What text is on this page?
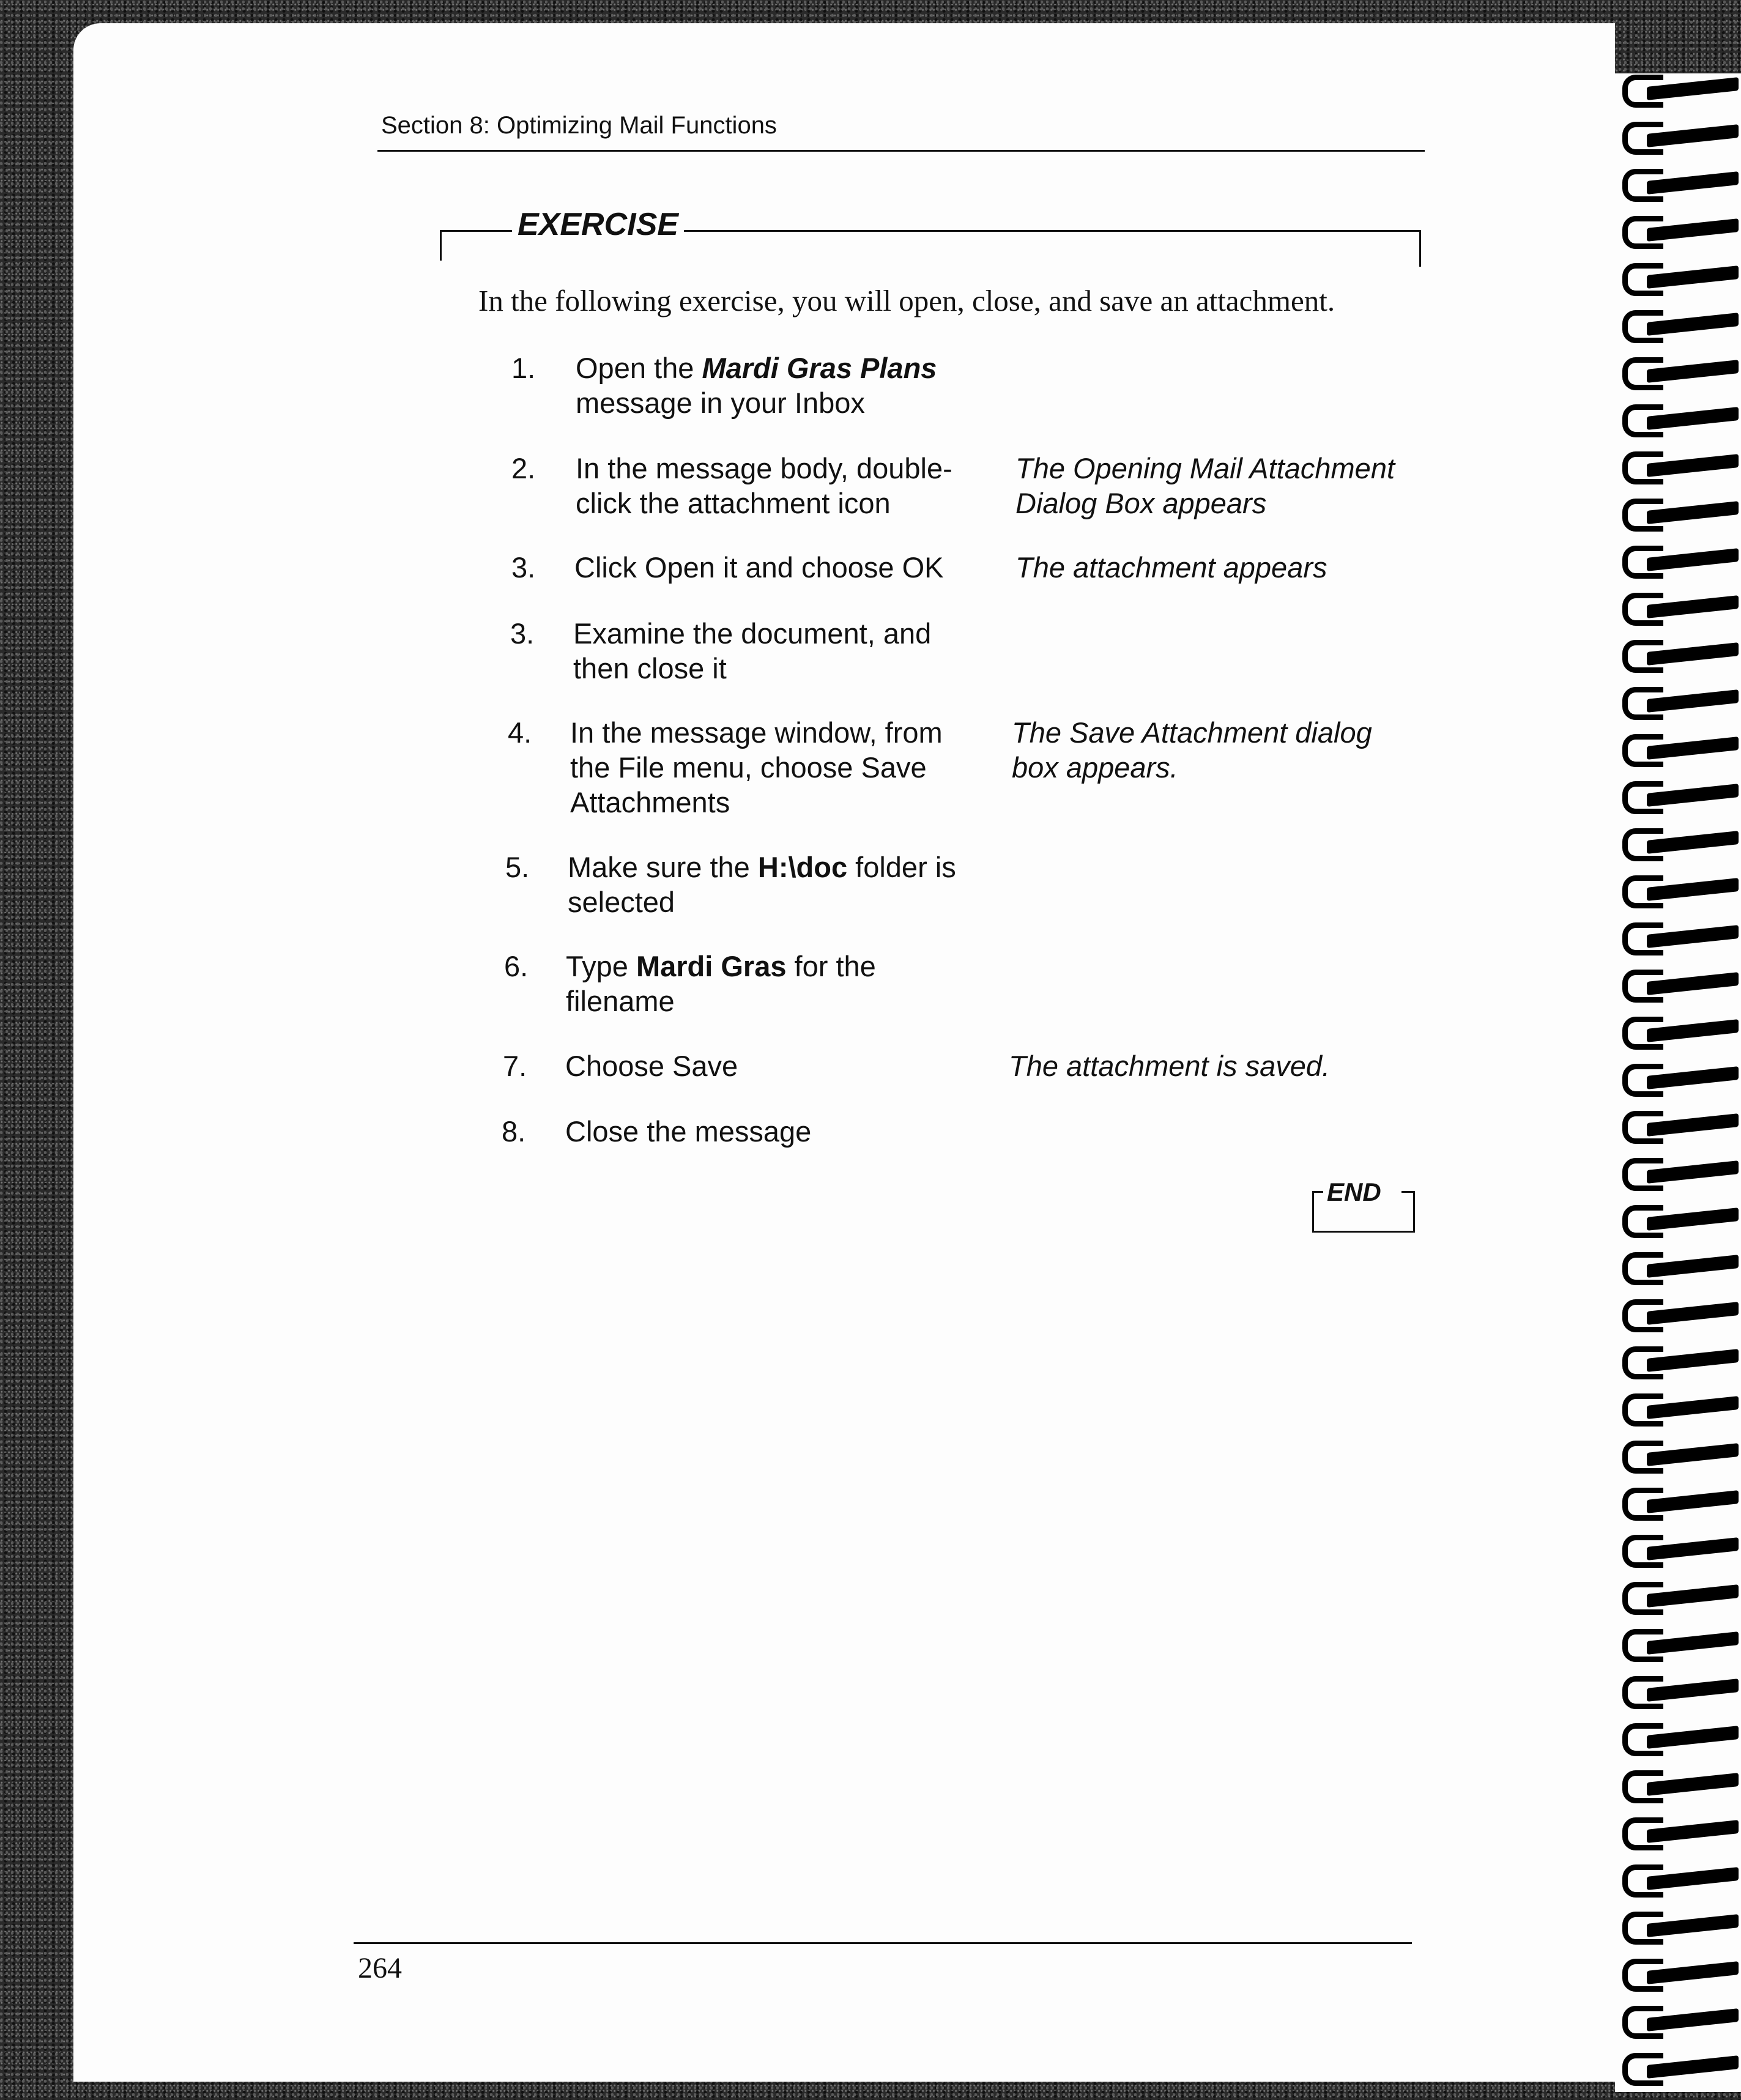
Section 8: Optimizing Mail Functions
EXERCISE
In the following exercise, you will open, close, and save an attachment.
1. Open the Mardi Gras Plans
message in your Inbox
2. In the message body, double-
click the attachment icon
The Opening Mail Attachment
Dialog Box appears
3. Click Open it and choose OK	The attachment appears
3. Examine the document, and
then close it
4. In the message window, from
the File menu, choose Save
Attachments
The Save Attachment dialog
box appears.
5. Make sure the H:\doc folder is
selected
6. Type Mardi Gras for the
filename
7. Choose Save	The attachment is saved.
8. Close the message
END
264
